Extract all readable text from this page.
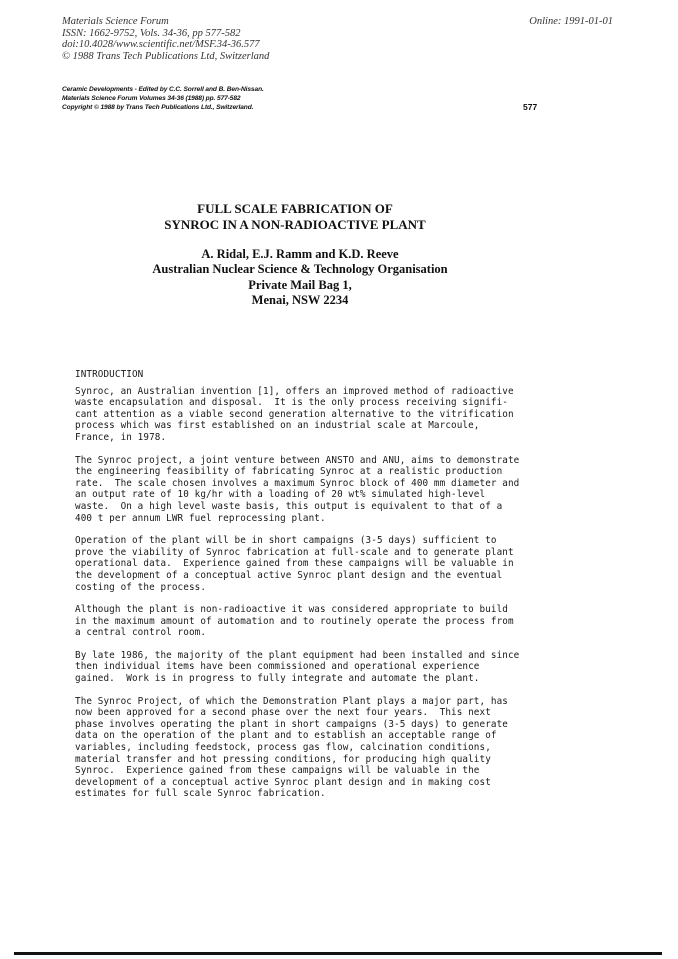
Materials Science Forum
ISSN: 1662-9752, Vols. 34-36, pp 577-582
doi:10.4028/www.scientific.net/MSF.34-36.577
© 1988 Trans Tech Publications Ltd, Switzerland
Online: 1991-01-01
Ceramic Developments - Edited by C.C. Sorrell and B. Ben-Nissan.
Materials Science Forum Volumes 34-36 (1988) pp. 577-582
Copyright © 1988 by Trans Tech Publications Ltd., Switzerland.	577
FULL SCALE FABRICATION OF
SYNROC IN A NON-RADIOACTIVE PLANT
A. Ridal, E.J. Ramm and K.D. Reeve
Australian Nuclear Science & Technology Organisation
Private Mail Bag 1,
Menai, NSW 2234
INTRODUCTION
Synroc, an Australian invention [1], offers an improved method of radioactive
waste encapsulation and disposal.  It is the only process receiving signifi-
cant attention as a viable second generation alternative to the vitrification
process which was first established on an industrial scale at Marcoule,
France, in 1978.
The Synroc project, a joint venture between ANSTO and ANU, aims to demonstrate
the engineering feasibility of fabricating Synroc at a realistic production
rate.  The scale chosen involves a maximum Synroc block of 400 mm diameter and
an output rate of 10 kg/hr with a loading of 20 wt% simulated high-level
waste.  On a high level waste basis, this output is equivalent to that of a
400 t per annum LWR fuel reprocessing plant.
Operation of the plant will be in short campaigns (3-5 days) sufficient to
prove the viability of Synroc fabrication at full-scale and to generate plant
operational data.  Experience gained from these campaigns will be valuable in
the development of a conceptual active Synroc plant design and the eventual
costing of the process.
Although the plant is non-radioactive it was considered appropriate to build
in the maximum amount of automation and to routinely operate the process from
a central control room.
By late 1986, the majority of the plant equipment had been installed and since
then individual items have been commissioned and operational experience
gained.  Work is in progress to fully integrate and automate the plant.
The Synroc Project, of which the Demonstration Plant plays a major part, has
now been approved for a second phase over the next four years.  This next
phase involves operating the plant in short campaigns (3-5 days) to generate
data on the operation of the plant and to establish an acceptable range of
variables, including feedstock, process gas flow, calcination conditions,
material transfer and hot pressing conditions, for producing high quality
Synroc.  Experience gained from these campaigns will be valuable in the
development of a conceptual active Synroc plant design and in making cost
estimates for full scale Synroc fabrication.
